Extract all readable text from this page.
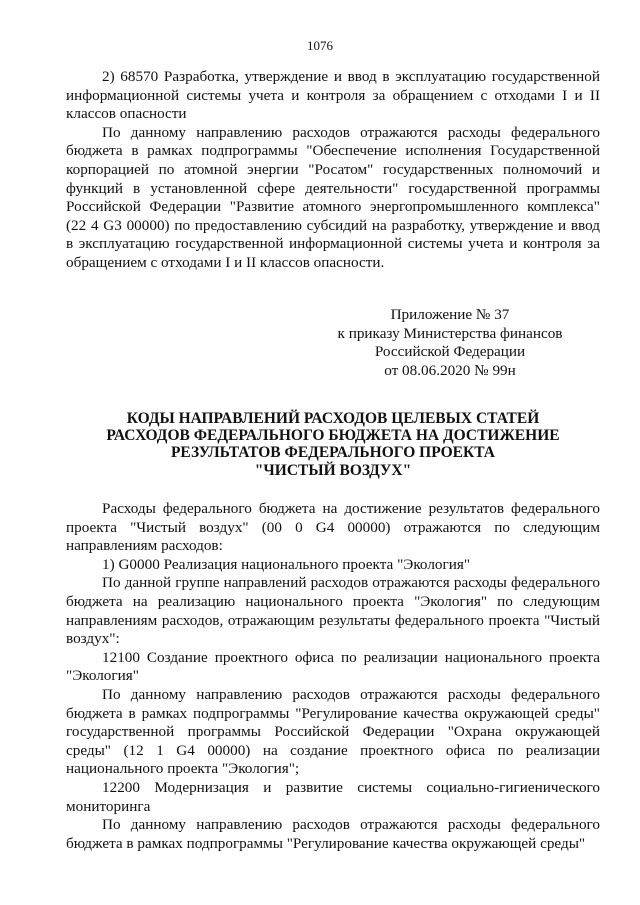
1076

2) 68570 Разработка, утверждение и ввод в эксплуатацию государственной информационной системы учета и контроля за обращением с отходами I и II классов опасности

По данному направлению расходов отражаются расходы федерального бюджета в рамках подпрограммы "Обеспечение исполнения Государственной корпорацией по атомной энергии "Росатом" государственных полномочий и функций в установленной сфере деятельности" государственной программы Российской Федерации "Развитие атомного энергопромышленного комплекса" (22 4 G3 00000) по предоставлению субсидий на разработку, утверждение и ввод в эксплуатацию государственной информационной системы учета и контроля за обращением с отходами I и II классов опасности.

Приложение № 37
к приказу Министерства финансов
Российской Федерации
от 08.06.2020 № 99н
КОДЫ НАПРАВЛЕНИЙ РАСХОДОВ ЦЕЛЕВЫХ СТАТЕЙ
РАСХОДОВ ФЕДЕРАЛЬНОГО БЮДЖЕТА НА ДОСТИЖЕНИЕ
РЕЗУЛЬТАТОВ ФЕДЕРАЛЬНОГО ПРОЕКТА
"ЧИСТЫЙ ВОЗДУХ"

Расходы федерального бюджета на достижение результатов федерального проекта "Чистый воздух" (00 0 G4 00000) отражаются по следующим направлениям расходов:

1) G0000 Реализация национального проекта "Экология"

По данной группе направлений расходов отражаются расходы федерального бюджета на реализацию национального проекта "Экология" по следующим направлениям расходов, отражающим результаты федерального проекта "Чистый воздух":

12100 Создание проектного офиса по реализации национального проекта "Экология"

По данному направлению расходов отражаются расходы федерального бюджета в рамках подпрограммы "Регулирование качества окружающей среды" государственной программы Российской Федерации "Охрана окружающей среды" (12 1 G4 00000) на создание проектного офиса по реализации национального проекта "Экология";

12200 Модернизация и развитие системы социально-гигиенического мониторинга

По данному направлению расходов отражаются расходы федерального бюджета в рамках подпрограммы "Регулирование качества окружающей среды"
